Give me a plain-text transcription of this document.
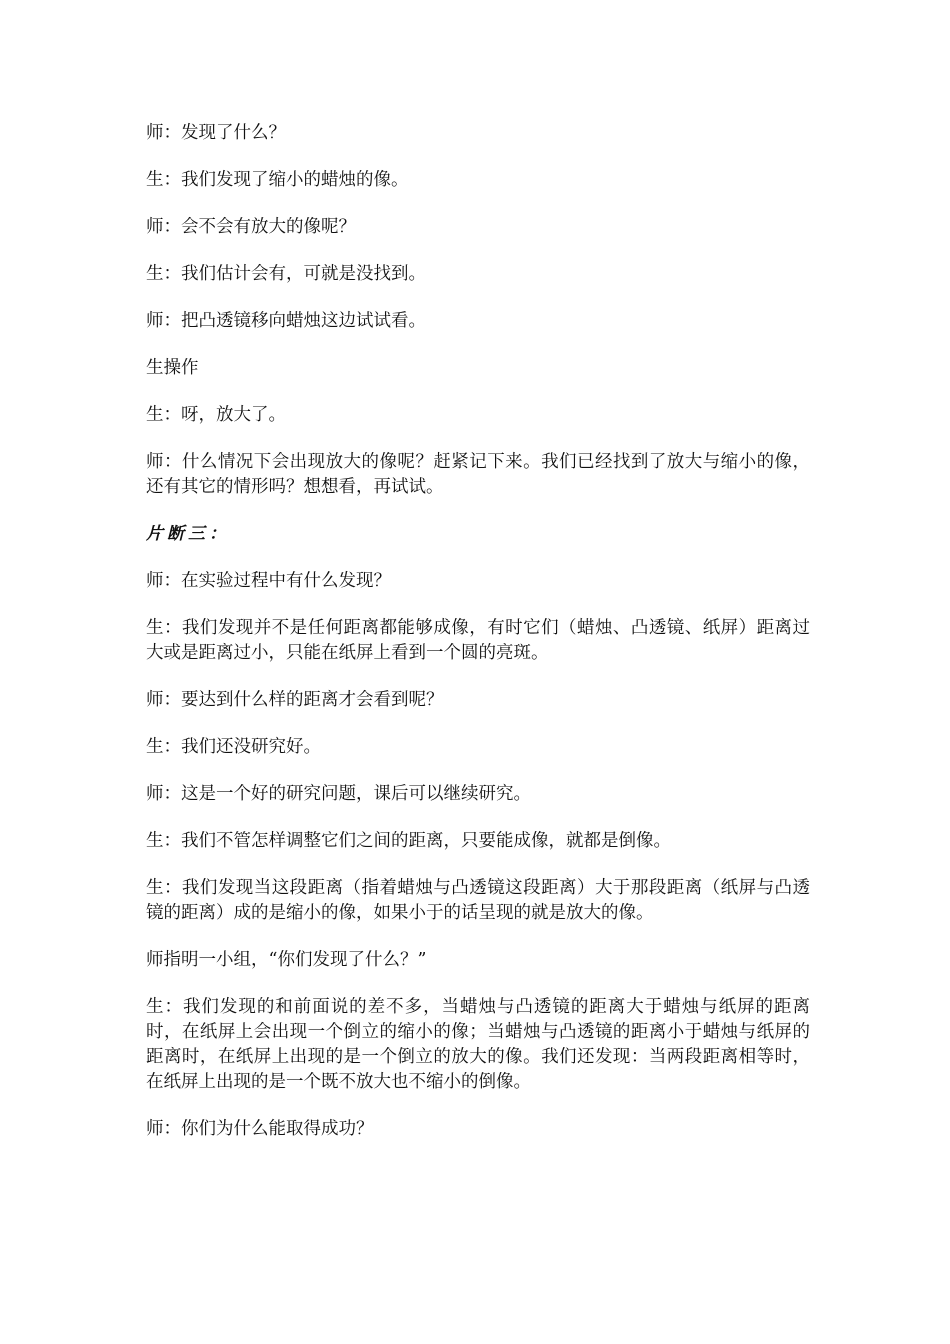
师：发现了什么？

生：我们发现了缩小的蜡烛的像。

师：会不会有放大的像呢？

生：我们估计会有，可就是没找到。

师：把凸透镜移向蜡烛这边试试看。

生操作

生：呀，放大了。

师：什么情况下会出现放大的像呢？赶紧记下来。我们已经找到了放大与缩小的像，还有其它的情形吗？想想看，再试试。

片断三：

师：在实验过程中有什么发现？

生：我们发现并不是任何距离都能够成像，有时它们（蜡烛、凸透镜、纸屏）距离过大或是距离过小，只能在纸屏上看到一个圆的亮斑。

师：要达到什么样的距离才会看到呢？

生：我们还没研究好。

师：这是一个好的研究问题，课后可以继续研究。

生：我们不管怎样调整它们之间的距离，只要能成像，就都是倒像。

生：我们发现当这段距离（指着蜡烛与凸透镜这段距离）大于那段距离（纸屏与凸透镜的距离）成的是缩小的像，如果小于的话呈现的就是放大的像。

师指明一小组，“你们发现了什么？”

生：我们发现的和前面说的差不多，当蜡烛与凸透镜的距离大于蜡烛与纸屏的距离时，在纸屏上会出现一个倒立的缩小的像；当蜡烛与凸透镜的距离小于蜡烛与纸屏的距离时，在纸屏上出现的是一个倒立的放大的像。我们还发现：当两段距离相等时，在纸屏上出现的是一个既不放大也不缩小的倒像。

师：你们为什么能取得成功？
